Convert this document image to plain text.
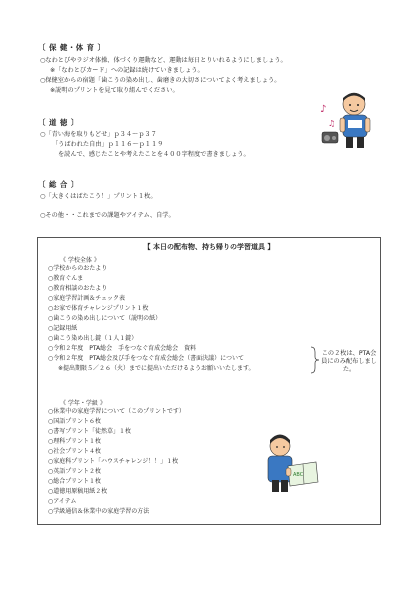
〔 保 健・体 育 〕
○なわとびやラジオ体操、体づくり運動など、運動は毎日とりいれるようにしましょう。
※「なわとびカード」への記録は続けていきましょう。
○保健室からの宿題「歯こうの染め出し、歯磨きの大切さについてよく考えましょう。
※説明のプリントを見て取り組んでください。
〔 道 徳 〕
○「青い海を取りもどせ」ｐ３４～ｐ３７
「うばわれた自由」ｐ１１６～ｐ１１９
を読んで、感じたことや考えたことを４００字程度で書きましょう。
〔 総 合 〕
○「大きくはばたこう！」プリント１枚。
○その他・・これまでの課題やアイテム、自学。
♪
♫
【 本日の配布物、持ち帰りの学習道具 】
《 学校全体 》
○学校からのおたより
○教育ぐんま
○教育相談のおたより
○家庭学習計画＆チェック表
○お家で体育チャレンジプリント１枚
○歯こうの染め出しについて（説明の紙）
○記録用紙
○歯こう染め出し錠（１人１錠）
○令和２年度　PTA総会　手をつなぐ育成会総会　資料
○令和２年度　PTA総会及び手をつなぐ育成会総会（書面決議）について
※提出期限５／２６（火）までに提出いただけるようお願いいたします。
この２枚は、PTA会員にのみ配布しました。
《 学年・学級 》
○休業中の家庭学習について（このプリントです）
○国語プリント６枚
○書写プリント「徒然草」１枚
○理科プリント１枚
○社会プリント４枚
○家庭科プリント「ハウスチャレンジ！！」１枚
○英語プリント２枚
○総合プリント１枚
○道徳用原稿用紙２枚
○アイテム
○学級通信＆休業中の家庭学習の方法
ABC
